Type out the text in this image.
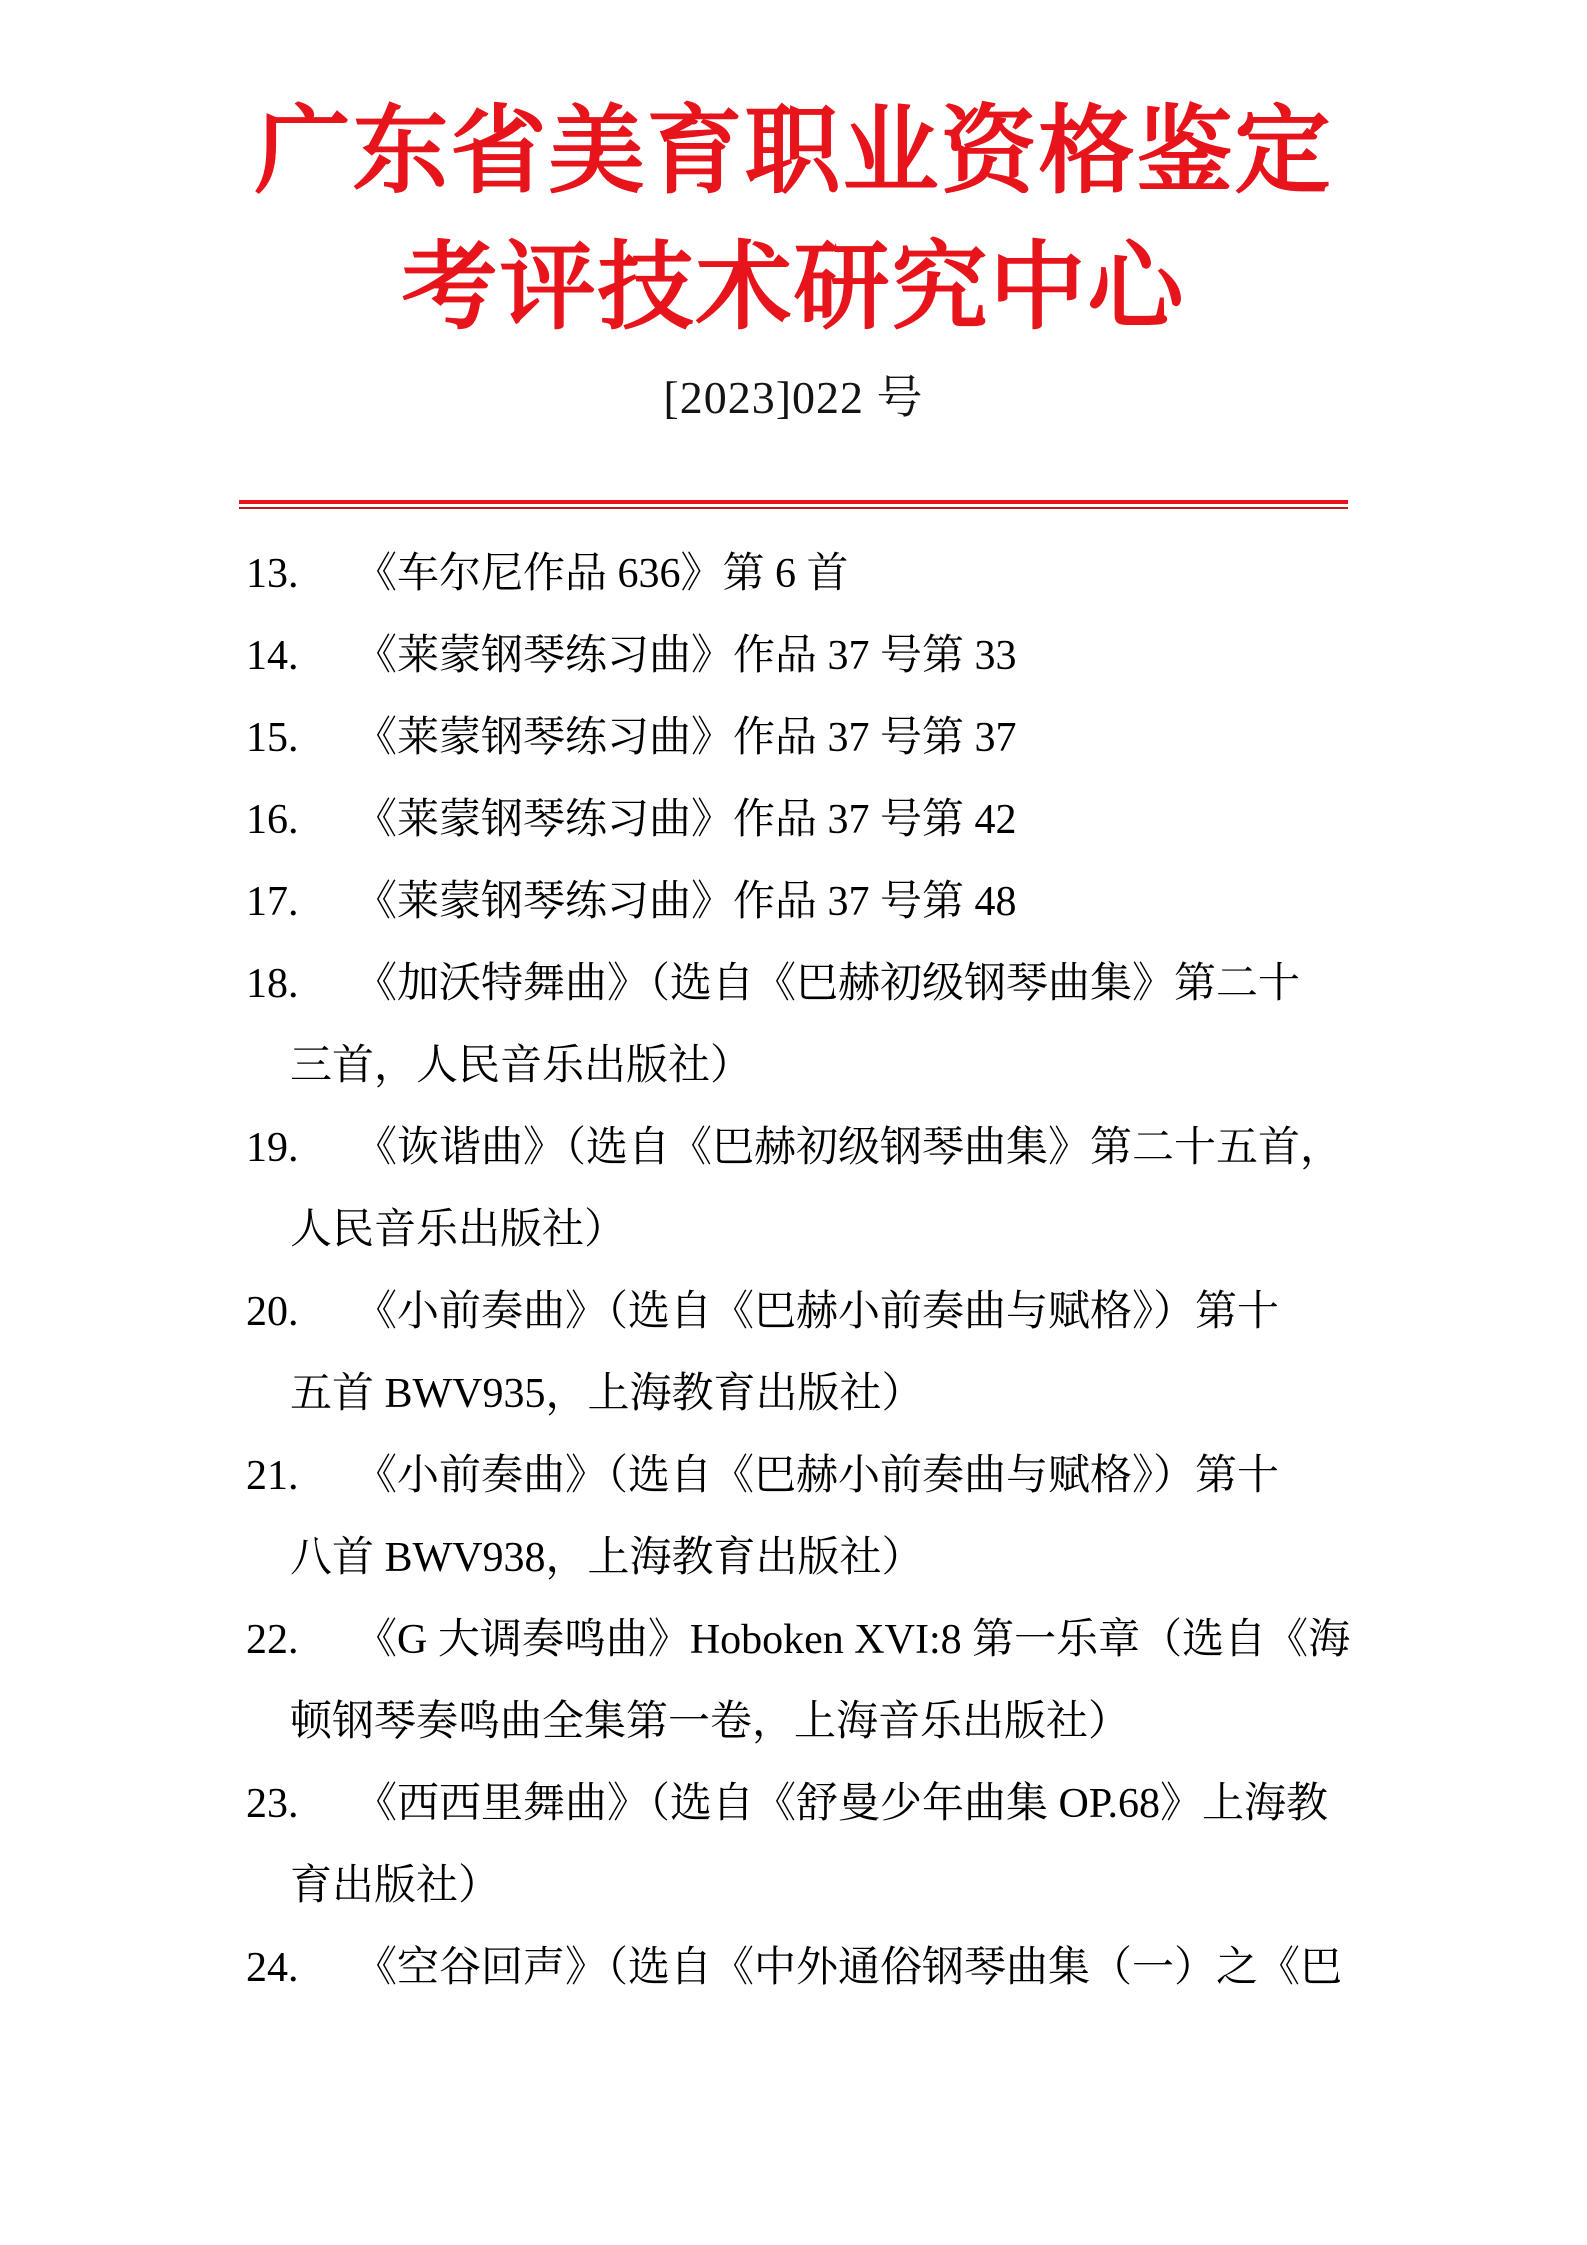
广东省美育职业资格鉴定
考评技术研究中心
[2023]022 号
13. 《车尔尼作品 636》第 6 首
14. 《莱蒙钢琴练习曲》作品 37 号第 33
15. 《莱蒙钢琴练习曲》作品 37 号第 37
16. 《莱蒙钢琴练习曲》作品 37 号第 42
17. 《莱蒙钢琴练习曲》作品 37 号第 48
18. 《加沃特舞曲》（选自《巴赫初级钢琴曲集》第二十
三首，人民音乐出版社）
19. 《诙谐曲》（选自《巴赫初级钢琴曲集》第二十五首，
人民音乐出版社）
20. 《小前奏曲》（选自《巴赫小前奏曲与赋格》）第十
五首 BWV935，上海教育出版社）
21. 《小前奏曲》（选自《巴赫小前奏曲与赋格》）第十
八首 BWV938，上海教育出版社）
22. 《G 大调奏鸣曲》Hoboken XVI:8 第一乐章（选自《海
顿钢琴奏鸣曲全集第一卷，上海音乐出版社）
23. 《西西里舞曲》（选自《舒曼少年曲集 OP.68》上海教
育出版社）
24. 《空谷回声》（选自《中外通俗钢琴曲集（一）之《巴
